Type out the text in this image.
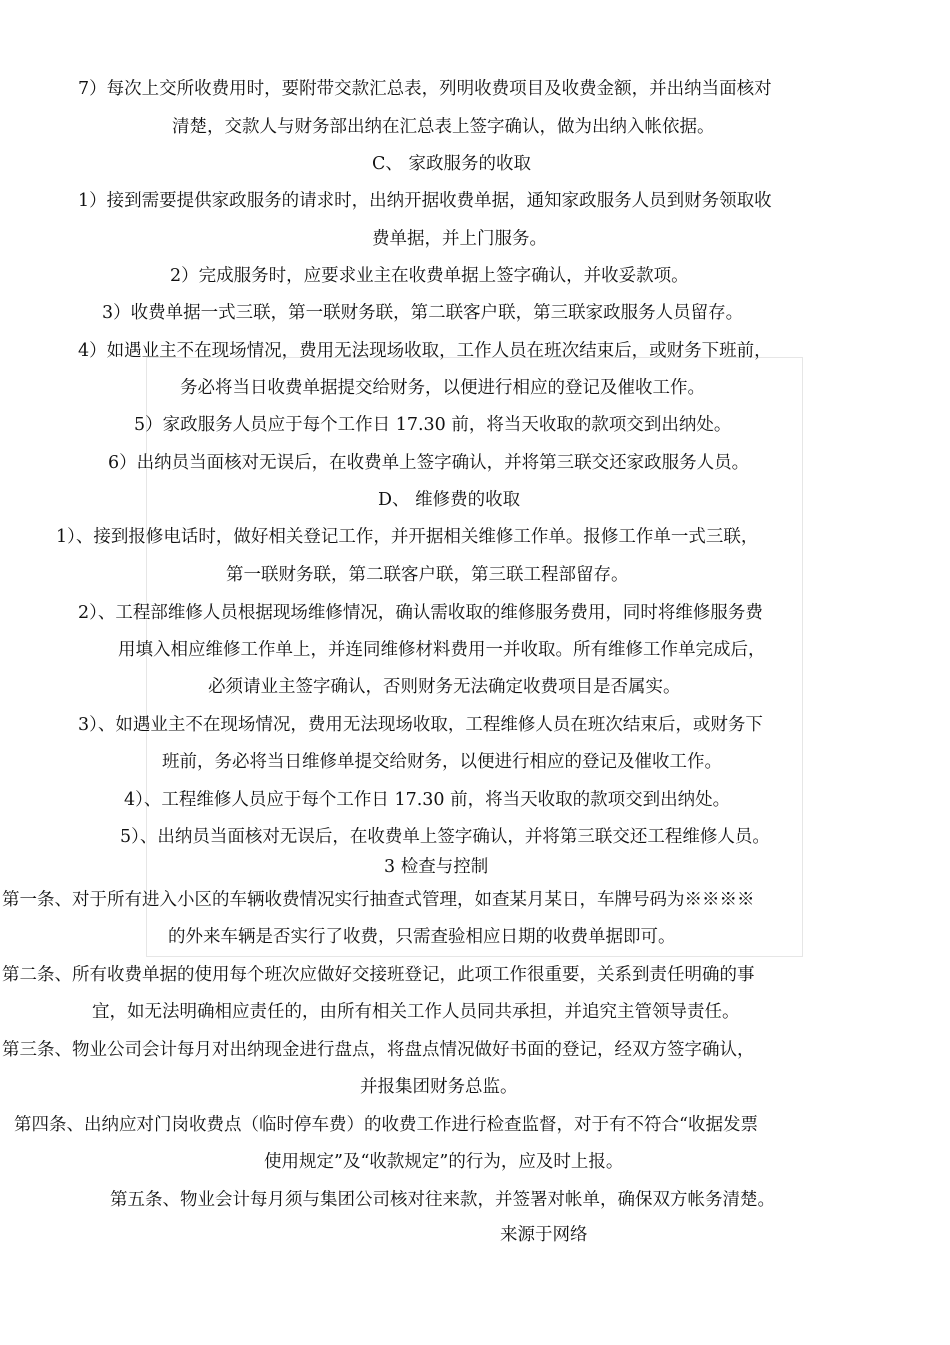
7）每次上交所收费用时，要附带交款汇总表，列明收费项目及收费金额，并出纳当面核对
清楚，交款人与财务部出纳在汇总表上签字确认，做为出纳入帐依据。
C、 家政服务的收取
1）接到需要提供家政服务的请求时，出纳开据收费单据，通知家政服务人员到财务领取收
费单据，并上门服务。
2）完成服务时，应要求业主在收费单据上签字确认，并收妥款项。
3）收费单据一式三联，第一联财务联，第二联客户联，第三联家政服务人员留存。
4）如遇业主不在现场情况，费用无法现场收取，工作人员在班次结束后，或财务下班前，
务必将当日收费单据提交给财务，以便进行相应的登记及催收工作。
5）家政服务人员应于每个工作日 17.30 前，将当天收取的款项交到出纳处。
6）出纳员当面核对无误后，在收费单上签字确认，并将第三联交还家政服务人员。
D、 维修费的收取
1）、接到报修电话时，做好相关登记工作，并开据相关维修工作单。报修工作单一式三联，
第一联财务联，第二联客户联，第三联工程部留存。
2）、工程部维修人员根据现场维修情况，确认需收取的维修服务费用，同时将维修服务费
用填入相应维修工作单上，并连同维修材料费用一并收取。所有维修工作单完成后，
必须请业主签字确认，否则财务无法确定收费项目是否属实。
3）、如遇业主不在现场情况，费用无法现场收取，工程维修人员在班次结束后，或财务下
班前，务必将当日维修单提交给财务，以便进行相应的登记及催收工作。
4）、工程维修人员应于每个工作日 17.30 前，将当天收取的款项交到出纳处。
5）、出纳员当面核对无误后，在收费单上签字确认，并将第三联交还工程维修人员。
3 检查与控制
第一条、对于所有进入小区的车辆收费情况实行抽查式管理，如查某月某日，车牌号码为※※※※
的外来车辆是否实行了收费，只需查验相应日期的收费单据即可。
第二条、所有收费单据的使用每个班次应做好交接班登记，此项工作很重要，关系到责任明确的事
宜，如无法明确相应责任的，由所有相关工作人员同共承担，并追究主管领导责任。
第三条、物业公司会计每月对出纳现金进行盘点，将盘点情况做好书面的登记，经双方签字确认，
并报集团财务总监。
第四条、出纳应对门岗收费点（临时停车费）的收费工作进行检查监督，对于有不符合“收据发票
使用规定”及“收款规定”的行为，应及时上报。
第五条、物业会计每月须与集团公司核对往来款，并签署对帐单，确保双方帐务清楚。
来源于网络
